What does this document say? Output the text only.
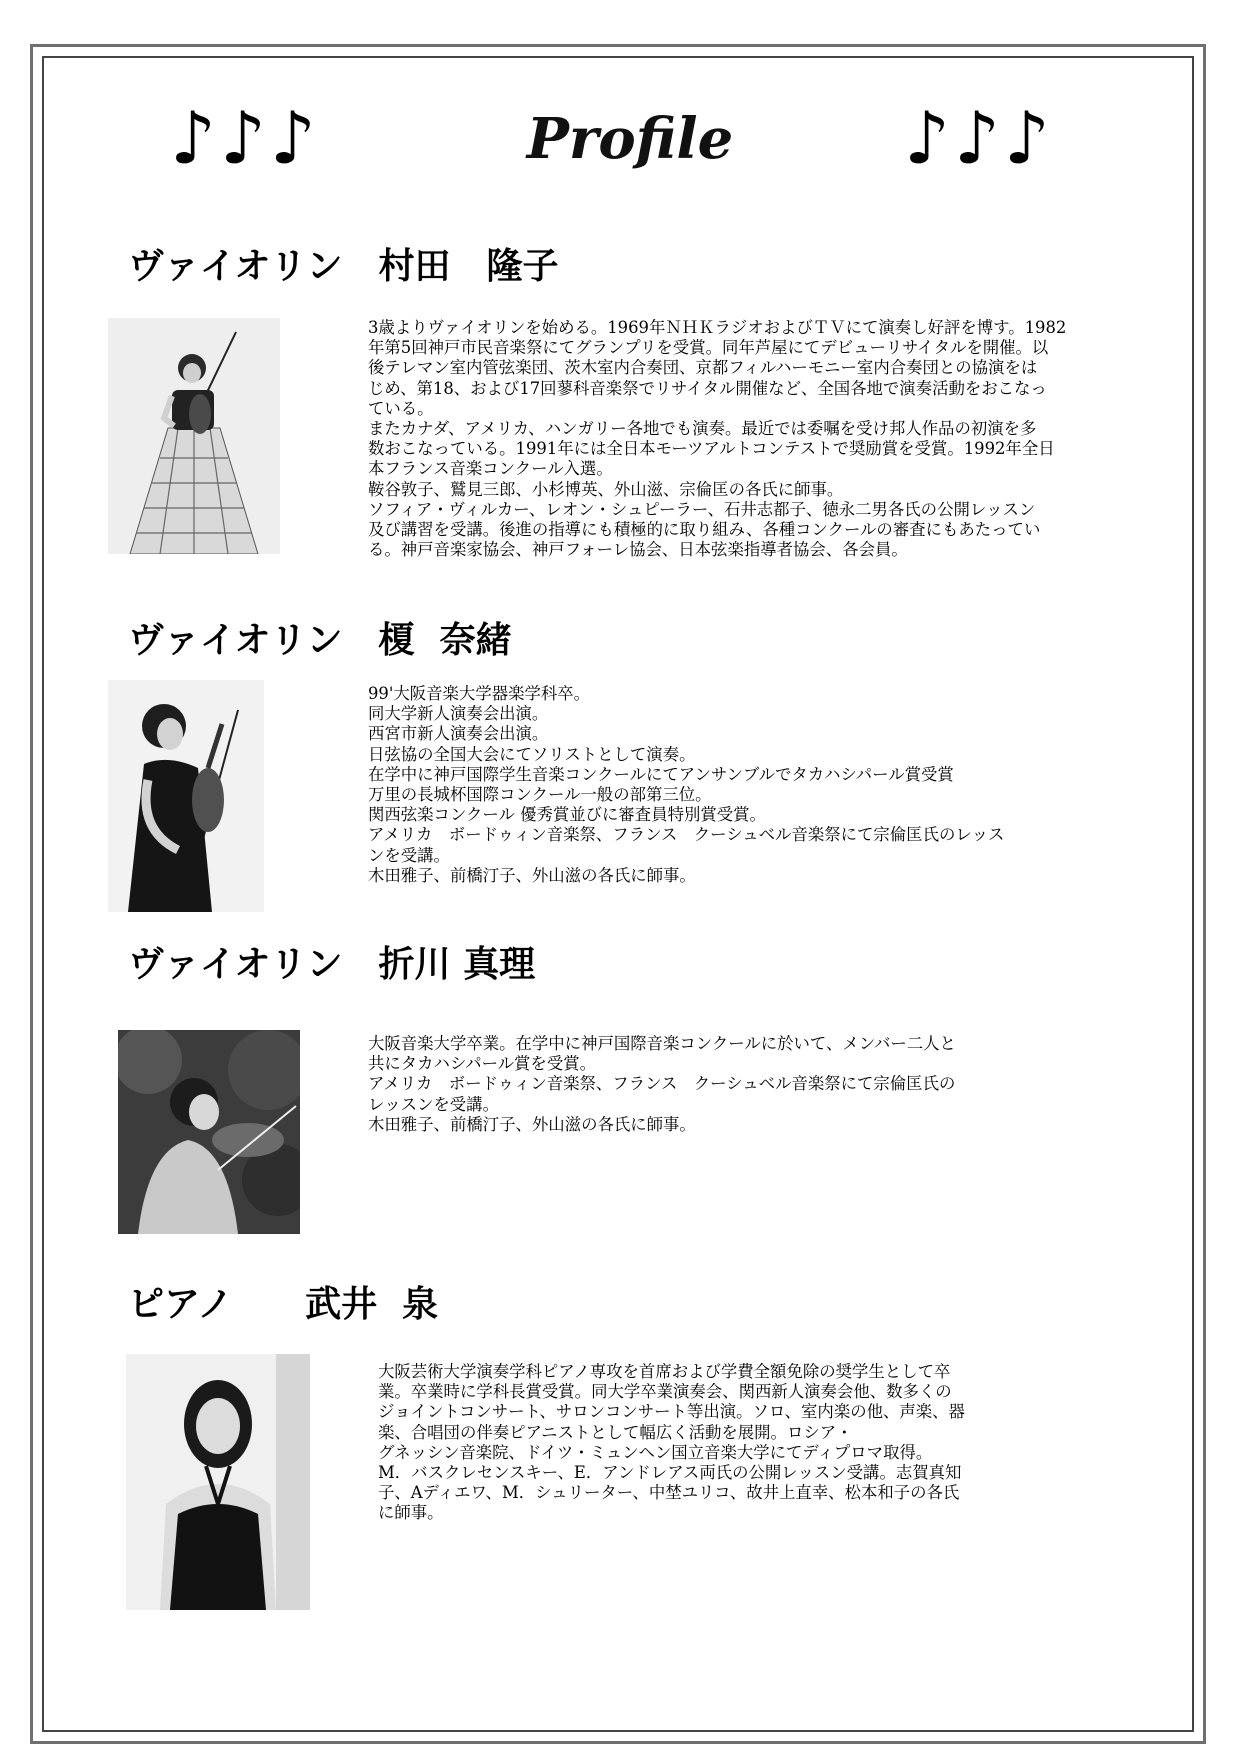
♪♪♪	Profile ♪♪♪
ヴァイオリン　村田　隆子

3歳よりヴァイオリンを始める。1969年ＮＨＫラジオおよびＴＶにて演奏し好評を博す。1982

年第5回神戸市民音楽祭にてグランプリを受賞。同年芦屋にてデビューリサイタルを開催。以

後テレマン室内管弦楽団、茨木室内合奏団、京都フィルハーモニー室内合奏団との協演をは

じめ、第18、および17回蓼科音楽祭でリサイタル開催など、全国各地で演奏活動をおこなっ

ている。

またカナダ、アメリカ、ハンガリー各地でも演奏。最近では委嘱を受け邦人作品の初演を多

数おこなっている。1991年には全日本モーツアルトコンテストで奨励賞を受賞。1992年全日

本フランス音楽コンクール入選。

鞍谷敦子、鷲見三郎、小杉博英、外山滋、宗倫匡の各氏に師事。

ソフィア・ヴィルカー、レオン・シュピーラー、石井志都子、徳永二男各氏の公開レッスン

及び講習を受講。後進の指導にも積極的に取り組み、各種コンクールの審査にもあたってい

る。神戸音楽家協会、神戸フォーレ協会、日本弦楽指導者協会、各会員。

ヴァイオリン　榎  奈緒

99'大阪音楽大学器楽学科卒。

同大学新人演奏会出演。

西宮市新人演奏会出演。

日弦協の全国大会にてソリストとして演奏。

在学中に神戸国際学生音楽コンクールにてアンサンブルでタカハシパール賞受賞

万里の長城杯国際コンクール一般の部第三位。

関西弦楽コンクール 優秀賞並びに審査員特別賞受賞。

アメリカ　ボードゥィン音楽祭、フランス　クーシュベル音楽祭にて宗倫匡氏のレッス

ンを受講。

木田雅子、前橋汀子、外山滋の各氏に師事。

ヴァイオリン　折川 真理

大阪音楽大学卒業。在学中に神戸国際音楽コンクールに於いて、メンバー二人と

共にタカハシパール賞を受賞。

アメリカ　ボードゥィン音楽祭、フランス　クーシュベル音楽祭にて宗倫匡氏の

レッスンを受講。

木田雅子、前橋汀子、外山滋の各氏に師事。

ピアノ　　武井  泉

大阪芸術大学演奏学科ピアノ専攻を首席および学費全額免除の奨学生として卒

業。卒業時に学科長賞受賞。同大学卒業演奏会、関西新人演奏会他、数多くの

ジョイントコンサート、サロンコンサート等出演。ソロ、室内楽の他、声楽、器

楽、合唱団の伴奏ピアニストとして幅広く活動を展開。ロシア・

グネッシン音楽院、ドイツ・ミュンヘン国立音楽大学にてディプロマ取得。

M．バスクレセンスキー、E．アンドレアス両氏の公開レッスン受講。志賀真知

子、Aディエワ、M．シュリーター、中埜ユリコ、故井上直幸、松本和子の各氏

に師事。
